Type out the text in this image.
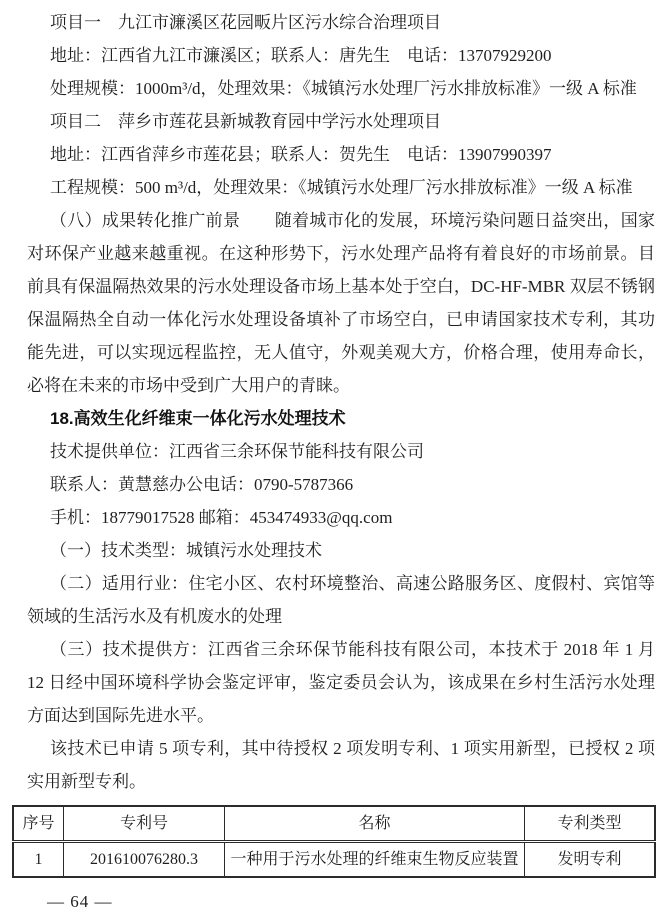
项目一　九江市濂溪区花园畈片区污水综合治理项目

地址：江西省九江市濂溪区；联系人：唐先生　电话：13707929200

处理规模：1000m³/d，处理效果：《城镇污水处理厂污水排放标准》一级 A 标准

项目二　萍乡市莲花县新城教育园中学污水处理项目

地址：江西省萍乡市莲花县；联系人：贺先生　电话：13907990397

工程规模：500 m³/d，处理效果：《城镇污水处理厂污水排放标准》一级 A 标准

（八）成果转化推广前景　　随着城市化的发展，环境污染问题日益突出，国家对环保产业越来越重视。在这种形势下，污水处理产品将有着良好的市场前景。目前具有保温隔热效果的污水处理设备市场上基本处于空白，DC-HF-MBR 双层不锈钢保温隔热全自动一体化污水处理设备填补了市场空白，已申请国家技术专利，其功能先进，可以实现远程监控，无人值守，外观美观大方，价格合理，使用寿命长，必将在未来的市场中受到广大用户的青睐。

18.高效生化纤维束一体化污水处理技术

技术提供单位：江西省三余环保节能科技有限公司

联系人：黄慧慈办公电话：0790-5787366

手机：18779017528 邮箱：453474933@qq.com

（一）技术类型：城镇污水处理技术

（二）适用行业：住宅小区、农村环境整治、高速公路服务区、度假村、宾馆等领域的生活污水及有机废水的处理

（三）技术提供方：江西省三余环保节能科技有限公司，本技术于 2018 年 1 月 12 日经中国环境科学协会鉴定评审，鉴定委员会认为，该成果在乡村生活污水处理方面达到国际先进水平。

该技术已申请 5 项专利，其中待授权 2 项发明专利、1 项实用新型，已授权 2 项实用新型专利。

序号	专利号	名称	专利类型
1	201610076280.3	一种用于污水处理的纤维束生物反应装置	发明专利
— 64 —
